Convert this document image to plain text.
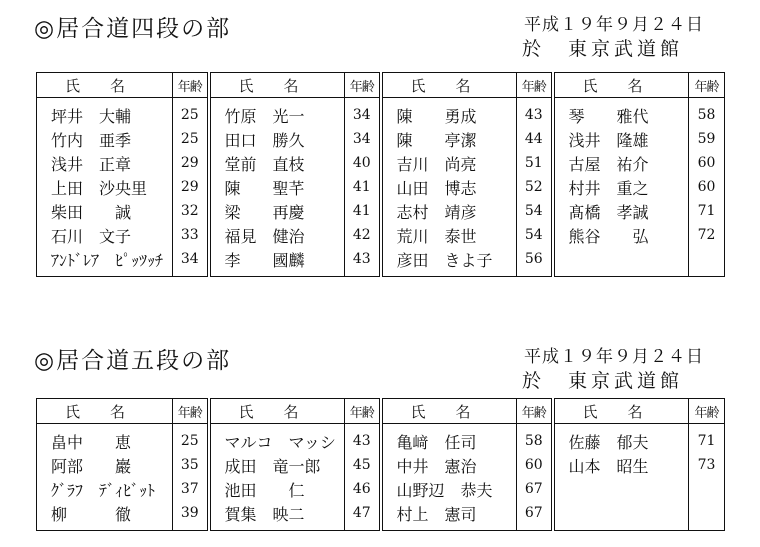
◎居合道四段の部	平成１９年９月２４日
於　東京武道館
氏　　名	年齢	氏　　名	年齢	氏　　名	年齢	氏　　名	年齢

坪井　大輔	25	竹原　光一	34	陳　　勇成	43	琴　　雅代	58
竹内　亜季	25	田口　勝久	34	陳　　亭潔	44	浅井　隆雄	59
浅井　正章	29	堂前　直枝	40	吉川　尚亮	51	古屋　祐介	60
上田　沙央里	29	陳　　聖芊	41	山田　博志	52	村井　重之	60
柴田　　誠	32	梁　　再慶	41	志村　靖彦	54	髙橋　孝誠	71
石川　文子	33	福見　健治	42	荒川　泰世	54	熊谷　　弘	72
ｱﾝﾄﾞﾚｱ　ﾋﾟｯﾂｯﾁ	34	李　　國麟	43	彦田　きよ子	56		

◎居合道五段の部	平成１９年９月２４日
於　東京武道館
氏　　名	年齢	氏　　名	年齢	氏　　名	年齢	氏　　名	年齢

畠中　　恵	25	マルコ　マッシ	43	亀﨑　任司	58	佐藤　郁夫	71
阿部　　巖	35	成田　竜一郎	45	中井　憲治	60	山本　昭生	73
ｸﾞﾗﾌ　ﾃﾞｨﾋﾞｯﾄ	37	池田　　仁	46	山野辺　恭夫	67		
柳　　　徹	39	賀集　映二	47	村上　憲司	67		
